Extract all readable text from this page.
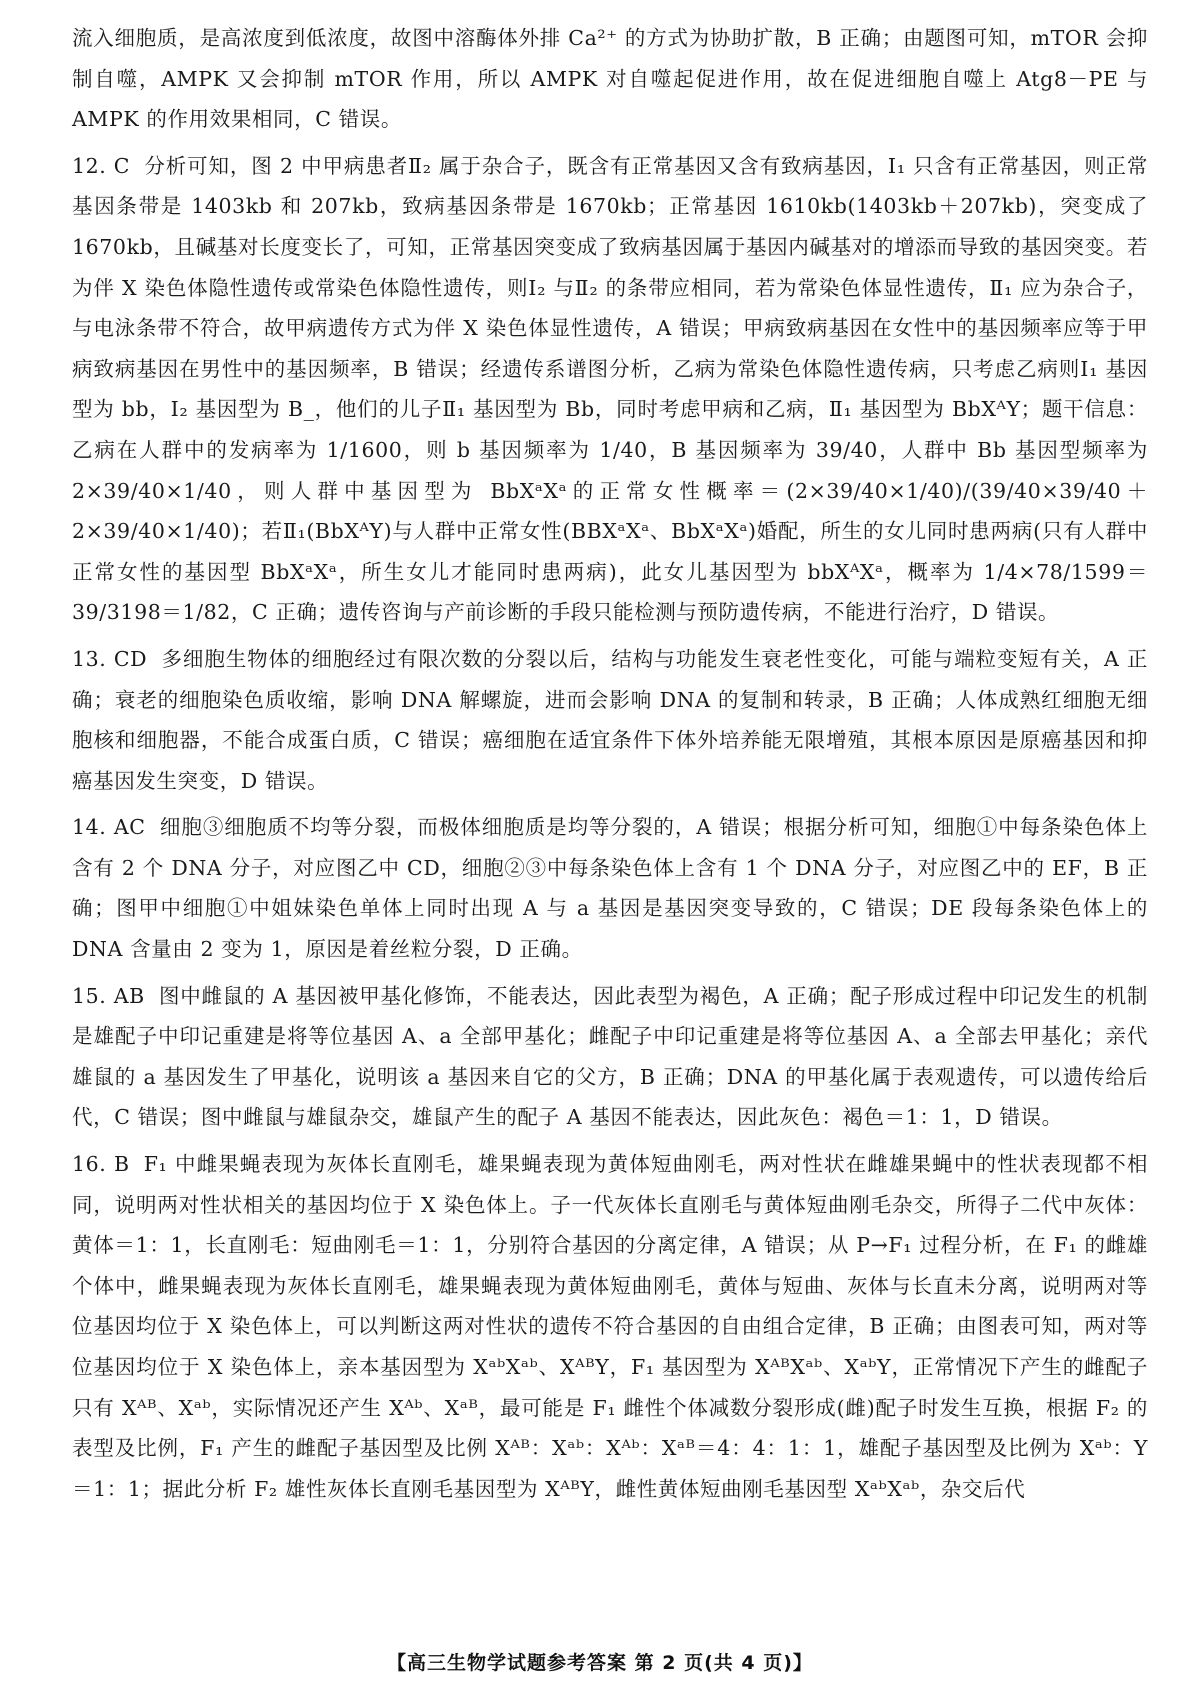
流入细胞质，是高浓度到低浓度，故图中溶酶体外排 Ca²⁺ 的方式为协助扩散，B 正确；由题图可知，mTOR 会抑制自噬，AMPK 又会抑制 mTOR 作用，所以 AMPK 对自噬起促进作用，故在促进细胞自噬上 Atg8－PE 与 AMPK 的作用效果相同，C 错误。

12. C 分析可知，图 2 中甲病患者Ⅱ₂ 属于杂合子，既含有正常基因又含有致病基因，Ⅰ₁ 只含有正常基因，则正常基因条带是 1403kb 和 207kb，致病基因条带是 1670kb；正常基因 1610kb(1403kb＋207kb)，突变成了 1670kb，且碱基对长度变长了，可知，正常基因突变成了致病基因属于基因内碱基对的增添而导致的基因突变。若为伴 X 染色体隐性遗传或常染色体隐性遗传，则Ⅰ₂ 与Ⅱ₂ 的条带应相同，若为常染色体显性遗传，Ⅱ₁ 应为杂合子，与电泳条带不符合，故甲病遗传方式为伴 X 染色体显性遗传，A 错误；甲病致病基因在女性中的基因频率应等于甲病致病基因在男性中的基因频率，B 错误；经遗传系谱图分析，乙病为常染色体隐性遗传病，只考虑乙病则Ⅰ₁ 基因型为 bb，Ⅰ₂ 基因型为 B_，他们的儿子Ⅱ₁ 基因型为 Bb，同时考虑甲病和乙病，Ⅱ₁ 基因型为 BbXᴬY；题干信息：乙病在人群中的发病率为 1/1600，则 b 基因频率为 1/40，B 基因频率为 39/40，人群中 Bb 基因型频率为 2×39/40×1/40，则人群中基因型为 BbXᵃXᵃ的正常女性概率＝(2×39/40×1/40)/(39/40×39/40＋2×39/40×1/40)；若Ⅱ₁(BbXᴬY)与人群中正常女性(BBXᵃXᵃ、BbXᵃXᵃ)婚配，所生的女儿同时患两病(只有人群中正常女性的基因型 BbXᵃXᵃ，所生女儿才能同时患两病)，此女儿基因型为 bbXᴬXᵃ，概率为 1/4×78/1599＝39/3198＝1/82，C 正确；遗传咨询与产前诊断的手段只能检测与预防遗传病，不能进行治疗，D 错误。

13. CD 多细胞生物体的细胞经过有限次数的分裂以后，结构与功能发生衰老性变化，可能与端粒变短有关，A 正确；衰老的细胞染色质收缩，影响 DNA 解螺旋，进而会影响 DNA 的复制和转录，B 正确；人体成熟红细胞无细胞核和细胞器，不能合成蛋白质，C 错误；癌细胞在适宜条件下体外培养能无限增殖，其根本原因是原癌基因和抑癌基因发生突变，D 错误。

14. AC 细胞③细胞质不均等分裂，而极体细胞质是均等分裂的，A 错误；根据分析可知，细胞①中每条染色体上含有 2 个 DNA 分子，对应图乙中 CD，细胞②③中每条染色体上含有 1 个 DNA 分子，对应图乙中的 EF，B 正确；图甲中细胞①中姐妹染色单体上同时出现 A 与 a 基因是基因突变导致的，C 错误；DE 段每条染色体上的 DNA 含量由 2 变为 1，原因是着丝粒分裂，D 正确。

15. AB 图中雌鼠的 A 基因被甲基化修饰，不能表达，因此表型为褐色，A 正确；配子形成过程中印记发生的机制是雄配子中印记重建是将等位基因 A、a 全部甲基化；雌配子中印记重建是将等位基因 A、a 全部去甲基化；亲代雄鼠的 a 基因发生了甲基化，说明该 a 基因来自它的父方，B 正确；DNA 的甲基化属于表观遗传，可以遗传给后代，C 错误；图中雌鼠与雄鼠杂交，雄鼠产生的配子 A 基因不能表达，因此灰色：褐色＝1：1，D 错误。

16. B F₁ 中雌果蝇表现为灰体长直刚毛，雄果蝇表现为黄体短曲刚毛，两对性状在雌雄果蝇中的性状表现都不相同，说明两对性状相关的基因均位于 X 染色体上。子一代灰体长直刚毛与黄体短曲刚毛杂交，所得子二代中灰体：黄体＝1：1，长直刚毛：短曲刚毛＝1：1，分别符合基因的分离定律，A 错误；从 P→F₁ 过程分析，在 F₁ 的雌雄个体中，雌果蝇表现为灰体长直刚毛，雄果蝇表现为黄体短曲刚毛，黄体与短曲、灰体与长直未分离，说明两对等位基因均位于 X 染色体上，可以判断这两对性状的遗传不符合基因的自由组合定律，B 正确；由图表可知，两对等位基因均位于 X 染色体上，亲本基因型为 XᵃᵇXᵃᵇ、XᴬᴮY，F₁ 基因型为 XᴬᴮXᵃᵇ、XᵃᵇY，正常情况下产生的雌配子只有 Xᴬᴮ、Xᵃᵇ，实际情况还产生 Xᴬᵇ、Xᵃᴮ，最可能是 F₁ 雌性个体减数分裂形成(雌)配子时发生互换，根据 F₂ 的表型及比例，F₁ 产生的雌配子基因型及比例 Xᴬᴮ：Xᵃᵇ：Xᴬᵇ：Xᵃᴮ＝4：4：1：1，雄配子基因型及比例为 Xᵃᵇ：Y＝1：1；据此分析 F₂ 雄性灰体长直刚毛基因型为 XᴬᴮY，雌性黄体短曲刚毛基因型 XᵃᵇXᵃᵇ，杂交后代

【高三生物学试题参考答案 第 2 页(共 4 页)】
